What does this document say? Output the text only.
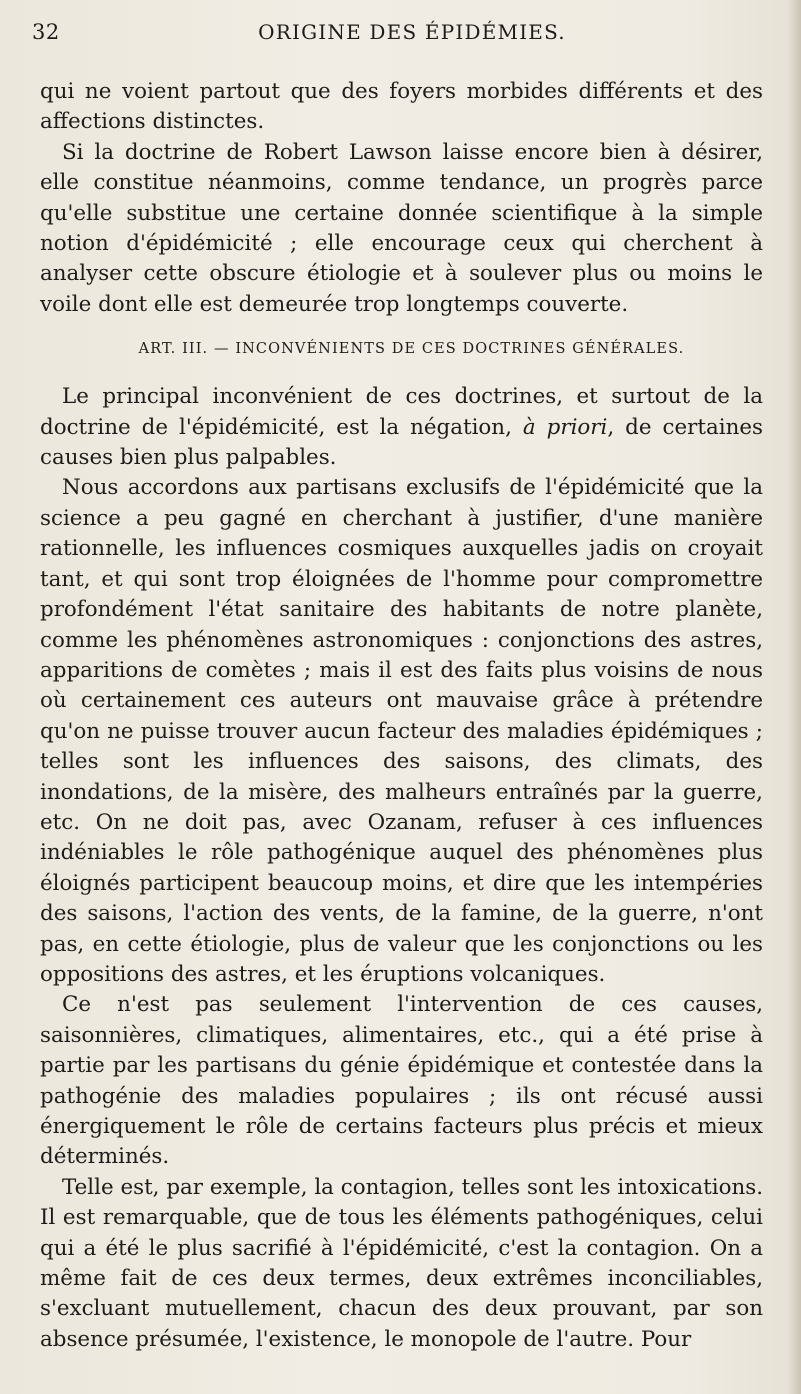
32	ORIGINE DES ÉPIDÉMIES.

qui ne voient partout que des foyers morbides différents et des affections distinctes.

Si la doctrine de Robert Lawson laisse encore bien à désirer, elle constitue néanmoins, comme tendance, un progrès parce qu'elle substitue une certaine donnée scientifique à la simple notion d'épidémicité ; elle encourage ceux qui cherchent à analyser cette obscure étiologie et à soulever plus ou moins le voile dont elle est demeurée trop longtemps couverte.

ART. III. — INCONVÉNIENTS DE CES DOCTRINES GÉNÉRALES.

Le principal inconvénient de ces doctrines, et surtout de la doctrine de l'épidémicité, est la négation, à priori, de certaines causes bien plus palpables.

Nous accordons aux partisans exclusifs de l'épidémicité que la science a peu gagné en cherchant à justifier, d'une manière rationnelle, les influences cosmiques auxquelles jadis on croyait tant, et qui sont trop éloignées de l'homme pour compromettre profondément l'état sanitaire des habitants de notre planète, comme les phénomènes astronomiques : conjonctions des astres, apparitions de comètes ; mais il est des faits plus voisins de nous où certainement ces auteurs ont mauvaise grâce à prétendre qu'on ne puisse trouver aucun facteur des maladies épidémiques ; telles sont les influences des saisons, des climats, des inondations, de la misère, des malheurs entraînés par la guerre, etc. On ne doit pas, avec Ozanam, refuser à ces influences indéniables le rôle pathogénique auquel des phénomènes plus éloignés participent beaucoup moins, et dire que les intempéries des saisons, l'action des vents, de la famine, de la guerre, n'ont pas, en cette étiologie, plus de valeur que les conjonctions ou les oppositions des astres, et les éruptions volcaniques.

Ce n'est pas seulement l'intervention de ces causes, saisonnières, climatiques, alimentaires, etc., qui a été prise à partie par les partisans du génie épidémique et contestée dans la pathogénie des maladies populaires ; ils ont récusé aussi énergiquement le rôle de certains facteurs plus précis et mieux déterminés.

Telle est, par exemple, la contagion, telles sont les intoxications. Il est remarquable, que de tous les éléments pathogéniques, celui qui a été le plus sacrifié à l'épidémicité, c'est la contagion. On a même fait de ces deux termes, deux extrêmes inconciliables, s'excluant mutuellement, chacun des deux prouvant, par son absence présumée, l'existence, le monopole de l'autre. Pour
